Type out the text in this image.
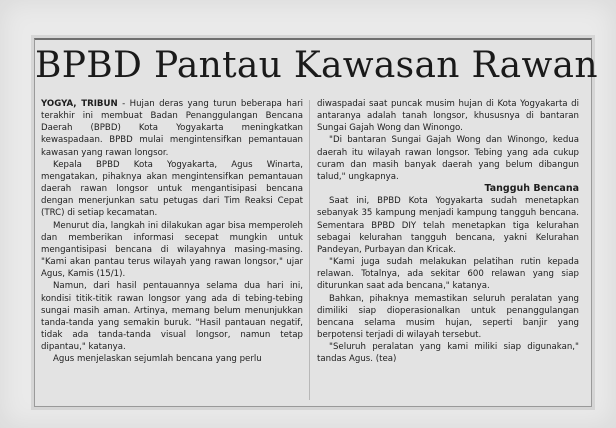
BPBD Pantau Kawasan Rawan

YOGYA, TRIBUN - Hujan deras yang turun beberapa hari terakhir ini membuat Badan Penanggulangan Bencana Daerah (BPBD) Kota Yogyakarta meningkatkan kewaspadaan. BPBD mulai mengintensifkan pemantauan kawasan yang rawan longsor.

Kepala BPBD Kota Yogyakarta, Agus Winarta, mengatakan, pihaknya akan mengintensifkan pemantauan daerah rawan longsor untuk mengantisipasi bencana dengan menerjunkan satu petugas dari Tim Reaksi Cepat (TRC) di setiap kecamatan.

Menurut dia, langkah ini dilakukan agar bisa memperoleh dan memberikan informasi secepat mungkin untuk mengantisipasi bencana di wilayahnya masing-masing. "Kami akan pantau terus wilayah yang rawan longsor," ujar Agus, Kamis (15/1).

Namun, dari hasil pentauannya selama dua hari ini, kondisi titik-titik rawan longsor yang ada di tebing-tebing sungai masih aman. Artinya, memang belum menunjukkan tanda-tanda yang semakin buruk. "Hasil pantauan negatif, tidak ada tanda-tanda visual longsor, namun tetap dipantau," katanya.

Agus menjelaskan sejumlah bencana yang perlu

diwaspadai saat puncak musim hujan di Kota Yogyakarta di antaranya adalah tanah longsor, khususnya di bantaran Sungai Gajah Wong dan Winongo.

"Di bantaran Sungai Gajah Wong dan Winongo, kedua daerah itu wilayah rawan longsor. Tebing yang ada cukup curam dan masih banyak daerah yang belum dibangun talud," ungkapnya.

Tangguh Bencana

Saat ini, BPBD Kota Yogyakarta sudah menetapkan sebanyak 35 kampung menjadi kampung tangguh bencana. Sementara BPBD DIY telah menetapkan tiga kelurahan sebagai kelurahan tangguh bencana, yakni Kelurahan Pandeyan, Purbayan dan Kricak.

"Kami juga sudah melakukan pelatihan rutin kepada relawan. Totalnya, ada sekitar 600 relawan yang siap diturunkan saat ada bencana," katanya.

Bahkan, pihaknya memastikan seluruh peralatan yang dimiliki siap dioperasionalkan untuk penanggulangan bencana selama musim hujan, seperti banjir yang berpotensi terjadi di wilayah tersebut.

"Seluruh peralatan yang kami miliki siap digunakan," tandas Agus. (tea)
